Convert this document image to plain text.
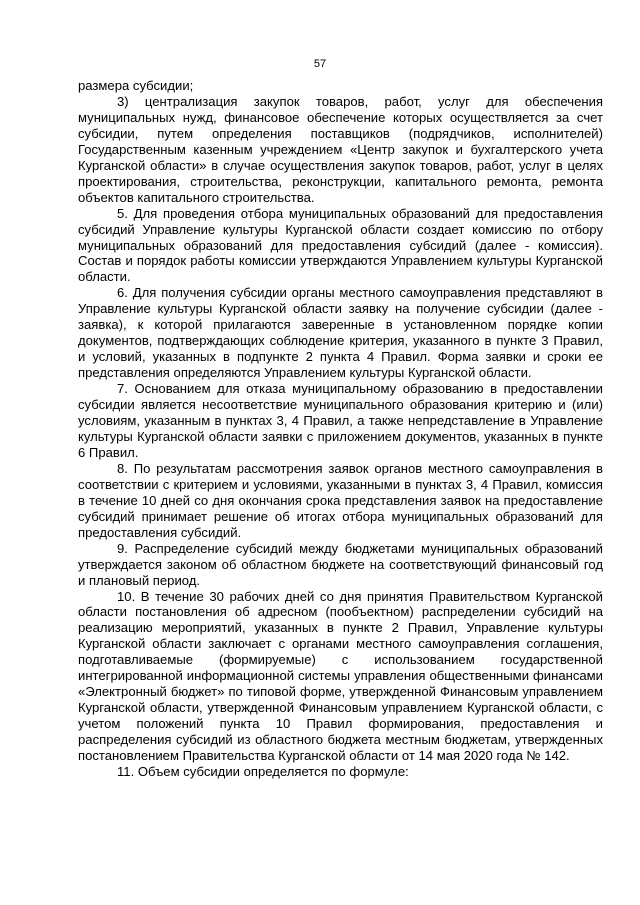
57

размера субсидии;

3) централизация закупок товаров, работ, услуг для обеспечения муниципальных нужд, финансовое обеспечение которых осуществляется за счет субсидии, путем определения поставщиков (подрядчиков, исполнителей) Государственным казенным учреждением «Центр закупок и бухгалтерского учета Курганской области» в случае осуществления закупок товаров, работ, услуг в целях проектирования, строительства, реконструкции, капитального ремонта, ремонта объектов капитального строительства.

5. Для проведения отбора муниципальных образований для предоставления субсидий Управление культуры Курганской области создает комиссию по отбору муниципальных образований для предоставления субсидий (далее - комиссия). Состав и порядок работы комиссии утверждаются Управлением культуры Курганской области.

6. Для получения субсидии органы местного самоуправления представляют в Управление культуры Курганской области заявку на получение субсидии (далее - заявка), к которой прилагаются заверенные в установленном порядке копии документов, подтверждающих соблюдение критерия, указанного в пункте 3 Правил, и условий, указанных в подпункте 2 пункта 4 Правил. Форма заявки и сроки ее представления определяются Управлением культуры Курганской области.

7. Основанием для отказа муниципальному образованию в предоставлении субсидии является несоответствие муниципального образования критерию и (или) условиям, указанным в пунктах 3, 4 Правил, а также непредставление в Управление культуры Курганской области заявки с приложением документов, указанных в пункте 6 Правил.

8. По результатам рассмотрения заявок органов местного самоуправления в соответствии с критерием и условиями, указанными в пунктах 3, 4 Правил, комиссия в течение 10 дней со дня окончания срока представления заявок на предоставление субсидий принимает решение об итогах отбора муниципальных образований для предоставления субсидий.

9. Распределение субсидий между бюджетами муниципальных образований утверждается законом об областном бюджете на соответствующий финансовый год и плановый период.

10. В течение 30 рабочих дней со дня принятия Правительством Курганской области постановления об адресном (пообъектном) распределении субсидий на реализацию мероприятий, указанных в пункте 2 Правил, Управление культуры Курганской области заключает с органами местного самоуправления соглашения, подготавливаемые (формируемые) с использованием государственной интегрированной информационной системы управления общественными финансами «Электронный бюджет» по типовой форме, утвержденной Финансовым управлением Курганской области, утвержденной Финансовым управлением Курганской области, с учетом положений пункта 10 Правил формирования, предоставления и распределения субсидий из областного бюджета местным бюджетам, утвержденных постановлением Правительства Курганской области от 14 мая 2020 года № 142.

11. Объем субсидии определяется по формуле:
